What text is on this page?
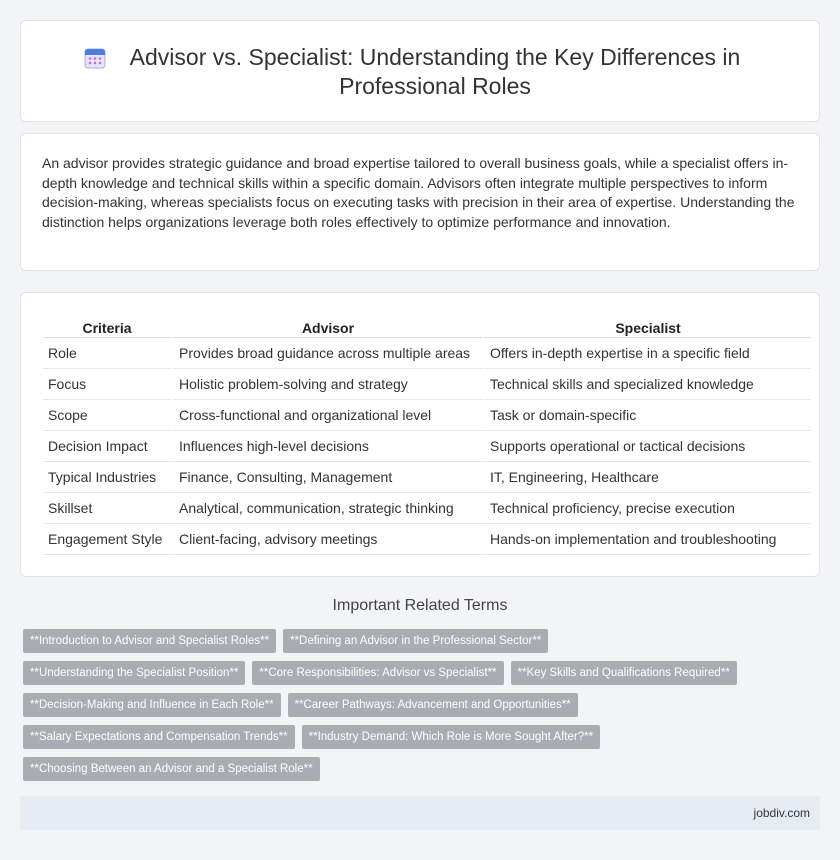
Advisor vs. Specialist: Understanding the Key Differences in Professional Roles

An advisor provides strategic guidance and broad expertise tailored to overall business goals, while a specialist offers in-depth knowledge and technical skills within a specific domain. Advisors often integrate multiple perspectives to inform decision-making, whereas specialists focus on executing tasks with precision in their area of expertise. Understanding the distinction helps organizations leverage both roles effectively to optimize performance and innovation.

Criteria	Advisor	Specialist
Role	Provides broad guidance across multiple areas	Offers in-depth expertise in a specific field
Focus	Holistic problem-solving and strategy	Technical skills and specialized knowledge
Scope	Cross-functional and organizational level	Task or domain-specific
Decision Impact	Influences high-level decisions	Supports operational or tactical decisions
Typical Industries	Finance, Consulting, Management	IT, Engineering, Healthcare
Skillset	Analytical, communication, strategic thinking	Technical proficiency, precise execution
Engagement Style	Client-facing, advisory meetings	Hands-on implementation and troubleshooting
Important Related Terms
**Introduction to Advisor and Specialist Roles**	**Defining an Advisor in the Professional Sector**
**Understanding the Specialist Position**	**Core Responsibilities: Advisor vs Specialist**	**Key Skills and Qualifications Required**
**Decision-Making and Influence in Each Role**	**Career Pathways: Advancement and Opportunities**
**Salary Expectations and Compensation Trends**	**Industry Demand: Which Role is More Sought After?**
**Choosing Between an Advisor and a Specialist Role**
jobdiv.com
